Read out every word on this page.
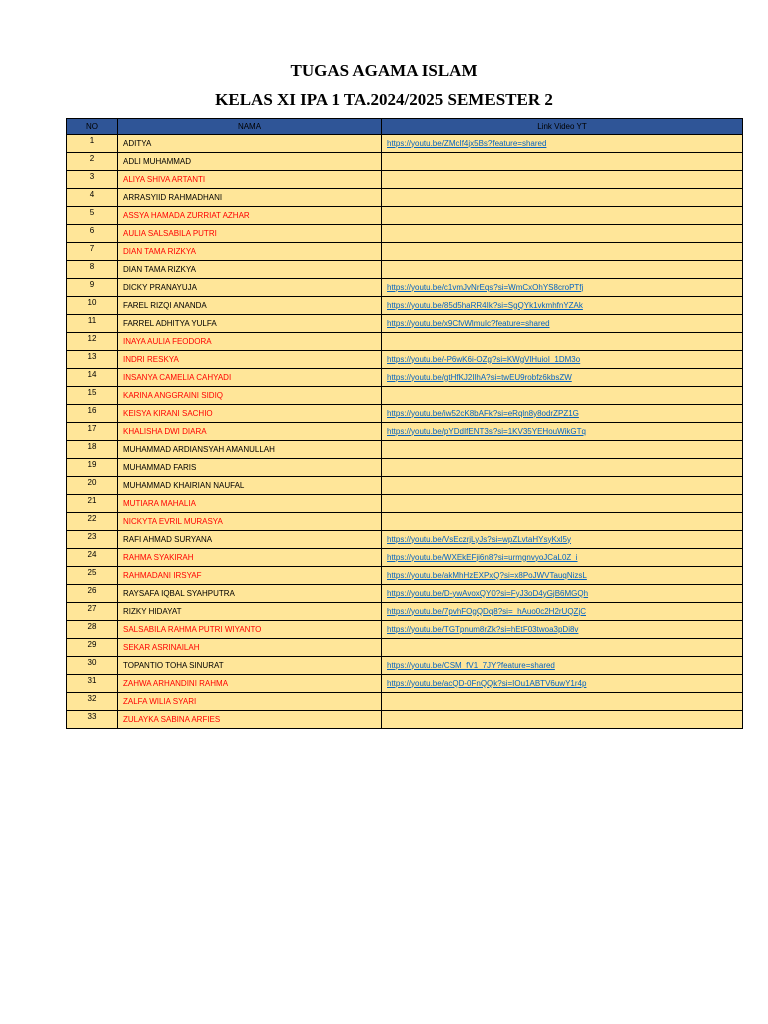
TUGAS AGAMA ISLAM
KELAS XI IPA 1 TA.2024/2025 SEMESTER 2
NO	NAMA	Link Video YT
1	ADITYA	https://youtu.be/ZMcIf4jx5Bs?feature=shared
2	ADLI MUHAMMAD	
3	ALIYA SHIVA ARTANTI	
4	ARRASYIID RAHMADHANI	
5	ASSYA HAMADA ZURRIAT AZHAR	
6	AULIA SALSABILA PUTRI	
7	DIAN TAMA RIZKYA	
8	DIAN TAMA RIZKYA	
9	DICKY PRANAYUJA	https://youtu.be/c1vmJvNrEqs?si=WmCxOhYS8croPTfj
10	FAREL RIZQI ANANDA	https://youtu.be/85d5haRR4Ik?si=SgQYk1vkmhfnYZAk
11	FARREL ADHITYA YULFA	https://youtu.be/x9CfvWlmuIc?feature=shared
12	INAYA AULIA FEODORA	
13	INDRI RESKYA	https://youtu.be/-P6wK6i-OZg?si=KWgVlHuioI_1DM3o
14	INSANYA CAMELIA CAHYADI	https://youtu.be/gtHfKJ2IlhA?si=twEU9robfz6kbsZW
15	KARINA ANGGRAINI SIDIQ	
16	KEISYA KIRANI SACHIO	https://youtu.be/iw52cK8bAFk?si=eRqln8y8odrZPZ1G
17	KHALISHA DWI DIARA	https://youtu.be/pYDdIfENT3s?si=1KV35YEHouWikGTq
18	MUHAMMAD ARDIANSYAH AMANULLAH	
19	MUHAMMAD FARIS	
20	MUHAMMAD KHAIRIAN NAUFAL	
21	MUTIARA MAHALIA	
22	NICKYTA EVRIL MURASYA	
23	RAFI AHMAD SURYANA	https://youtu.be/VsEczrjLyJs?si=wpZLvtaHYsyKxl5y
24	RAHMA SYAKIRAH	https://youtu.be/WXEkEFji6n8?si=urmgnvyoJCaL0Z_i
25	RAHMADANI IRSYAF	https://youtu.be/akMhHzEXPxQ?si=x8PoJWVTauqNizsL
26	RAYSAFA IQBAL SYAHPUTRA	https://youtu.be/D-ywAvoxQY0?si=FyJ3oD4yGjB6MGQh
27	RIZKY HIDAYAT	https://youtu.be/7pvhFOgQDq8?si=_hAuo0c2H2rUQZjC
28	SALSABILA RAHMA PUTRI WIYANTO	https://youtu.be/TGTpnum8rZk?si=hEtF03twoa3pDi8v
29	SEKAR ASRINAILAH	
30	TOPANTIO TOHA SINURAT	https://youtu.be/CSM_fV1_7JY?feature=shared
31	ZAHWA ARHANDINI RAHMA	https://youtu.be/acQD-0FnQQk?si=IOu1ABTV6uwY1r4p
32	ZALFA WILIA SYARI	
33	ZULAYKA SABINA ARFIES	
